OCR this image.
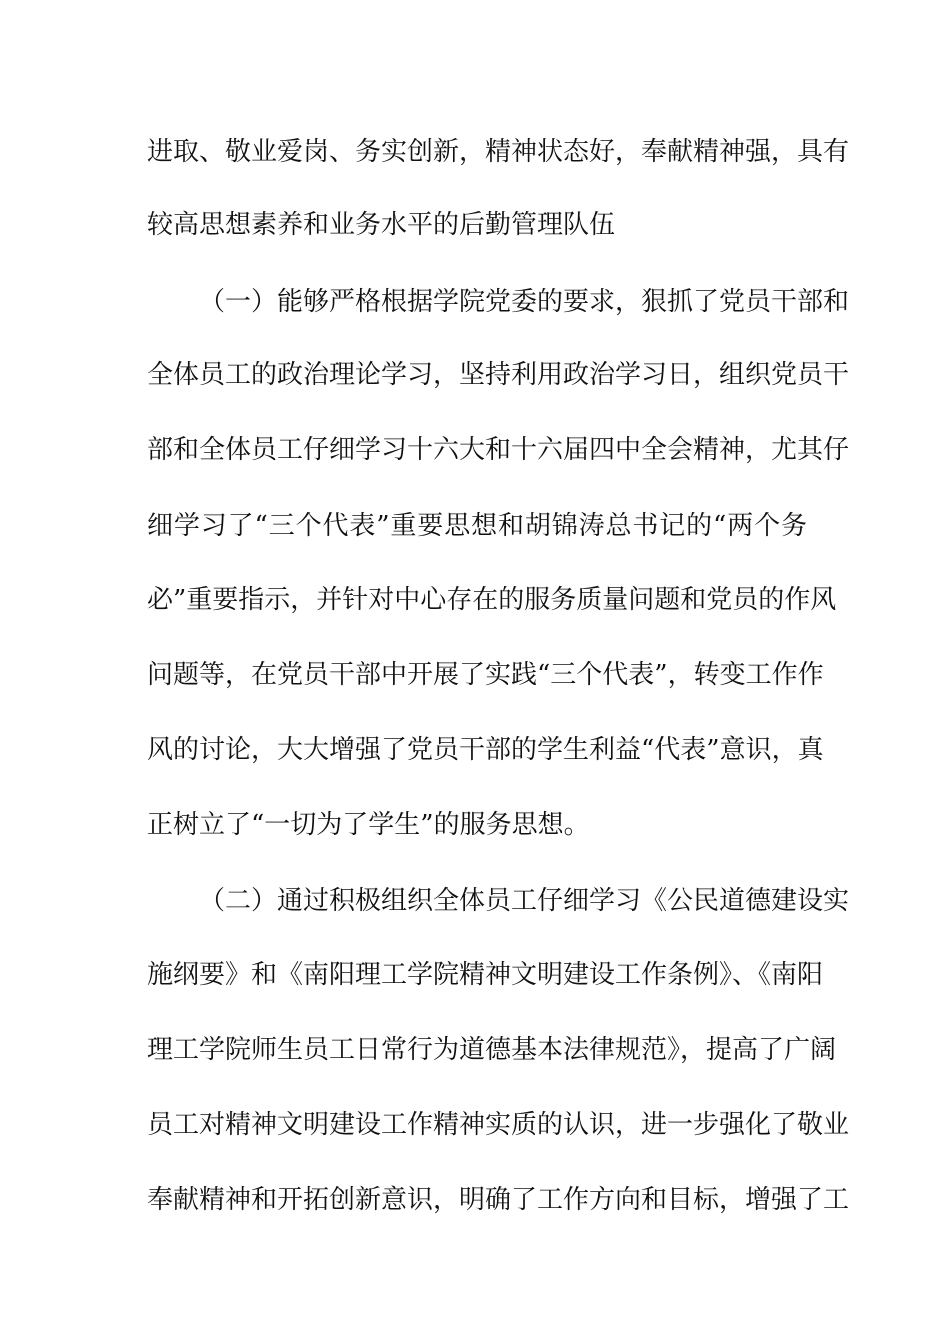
进取、敬业爱岗、务实创新，精神状态好，奉献精神强，具有
较高思想素养和业务水平的后勤管理队伍
（一）能够严格根据学院党委的要求，狠抓了党员干部和
全体员工的政治理论学习，坚持利用政治学习日，组织党员干
部和全体员工仔细学习十六大和十六届四中全会精神，尤其仔
细学习了“三个代表”重要思想和胡锦涛总书记的“两个务
必”重要指示，并针对中心存在的服务质量问题和党员的作风
问题等，在党员干部中开展了实践“三个代表”，转变工作作
风的讨论，大大增强了党员干部的学生利益“代表”意识，真
正树立了“一切为了学生”的服务思想。
（二）通过积极组织全体员工仔细学习《公民道德建设实
施纲要》和《南阳理工学院精神文明建设工作条例》、《南阳
理工学院师生员工日常行为道德基本法律规范》，提高了广阔
员工对精神文明建设工作精神实质的认识，进一步强化了敬业
奉献精神和开拓创新意识，明确了工作方向和目标，增强了工
